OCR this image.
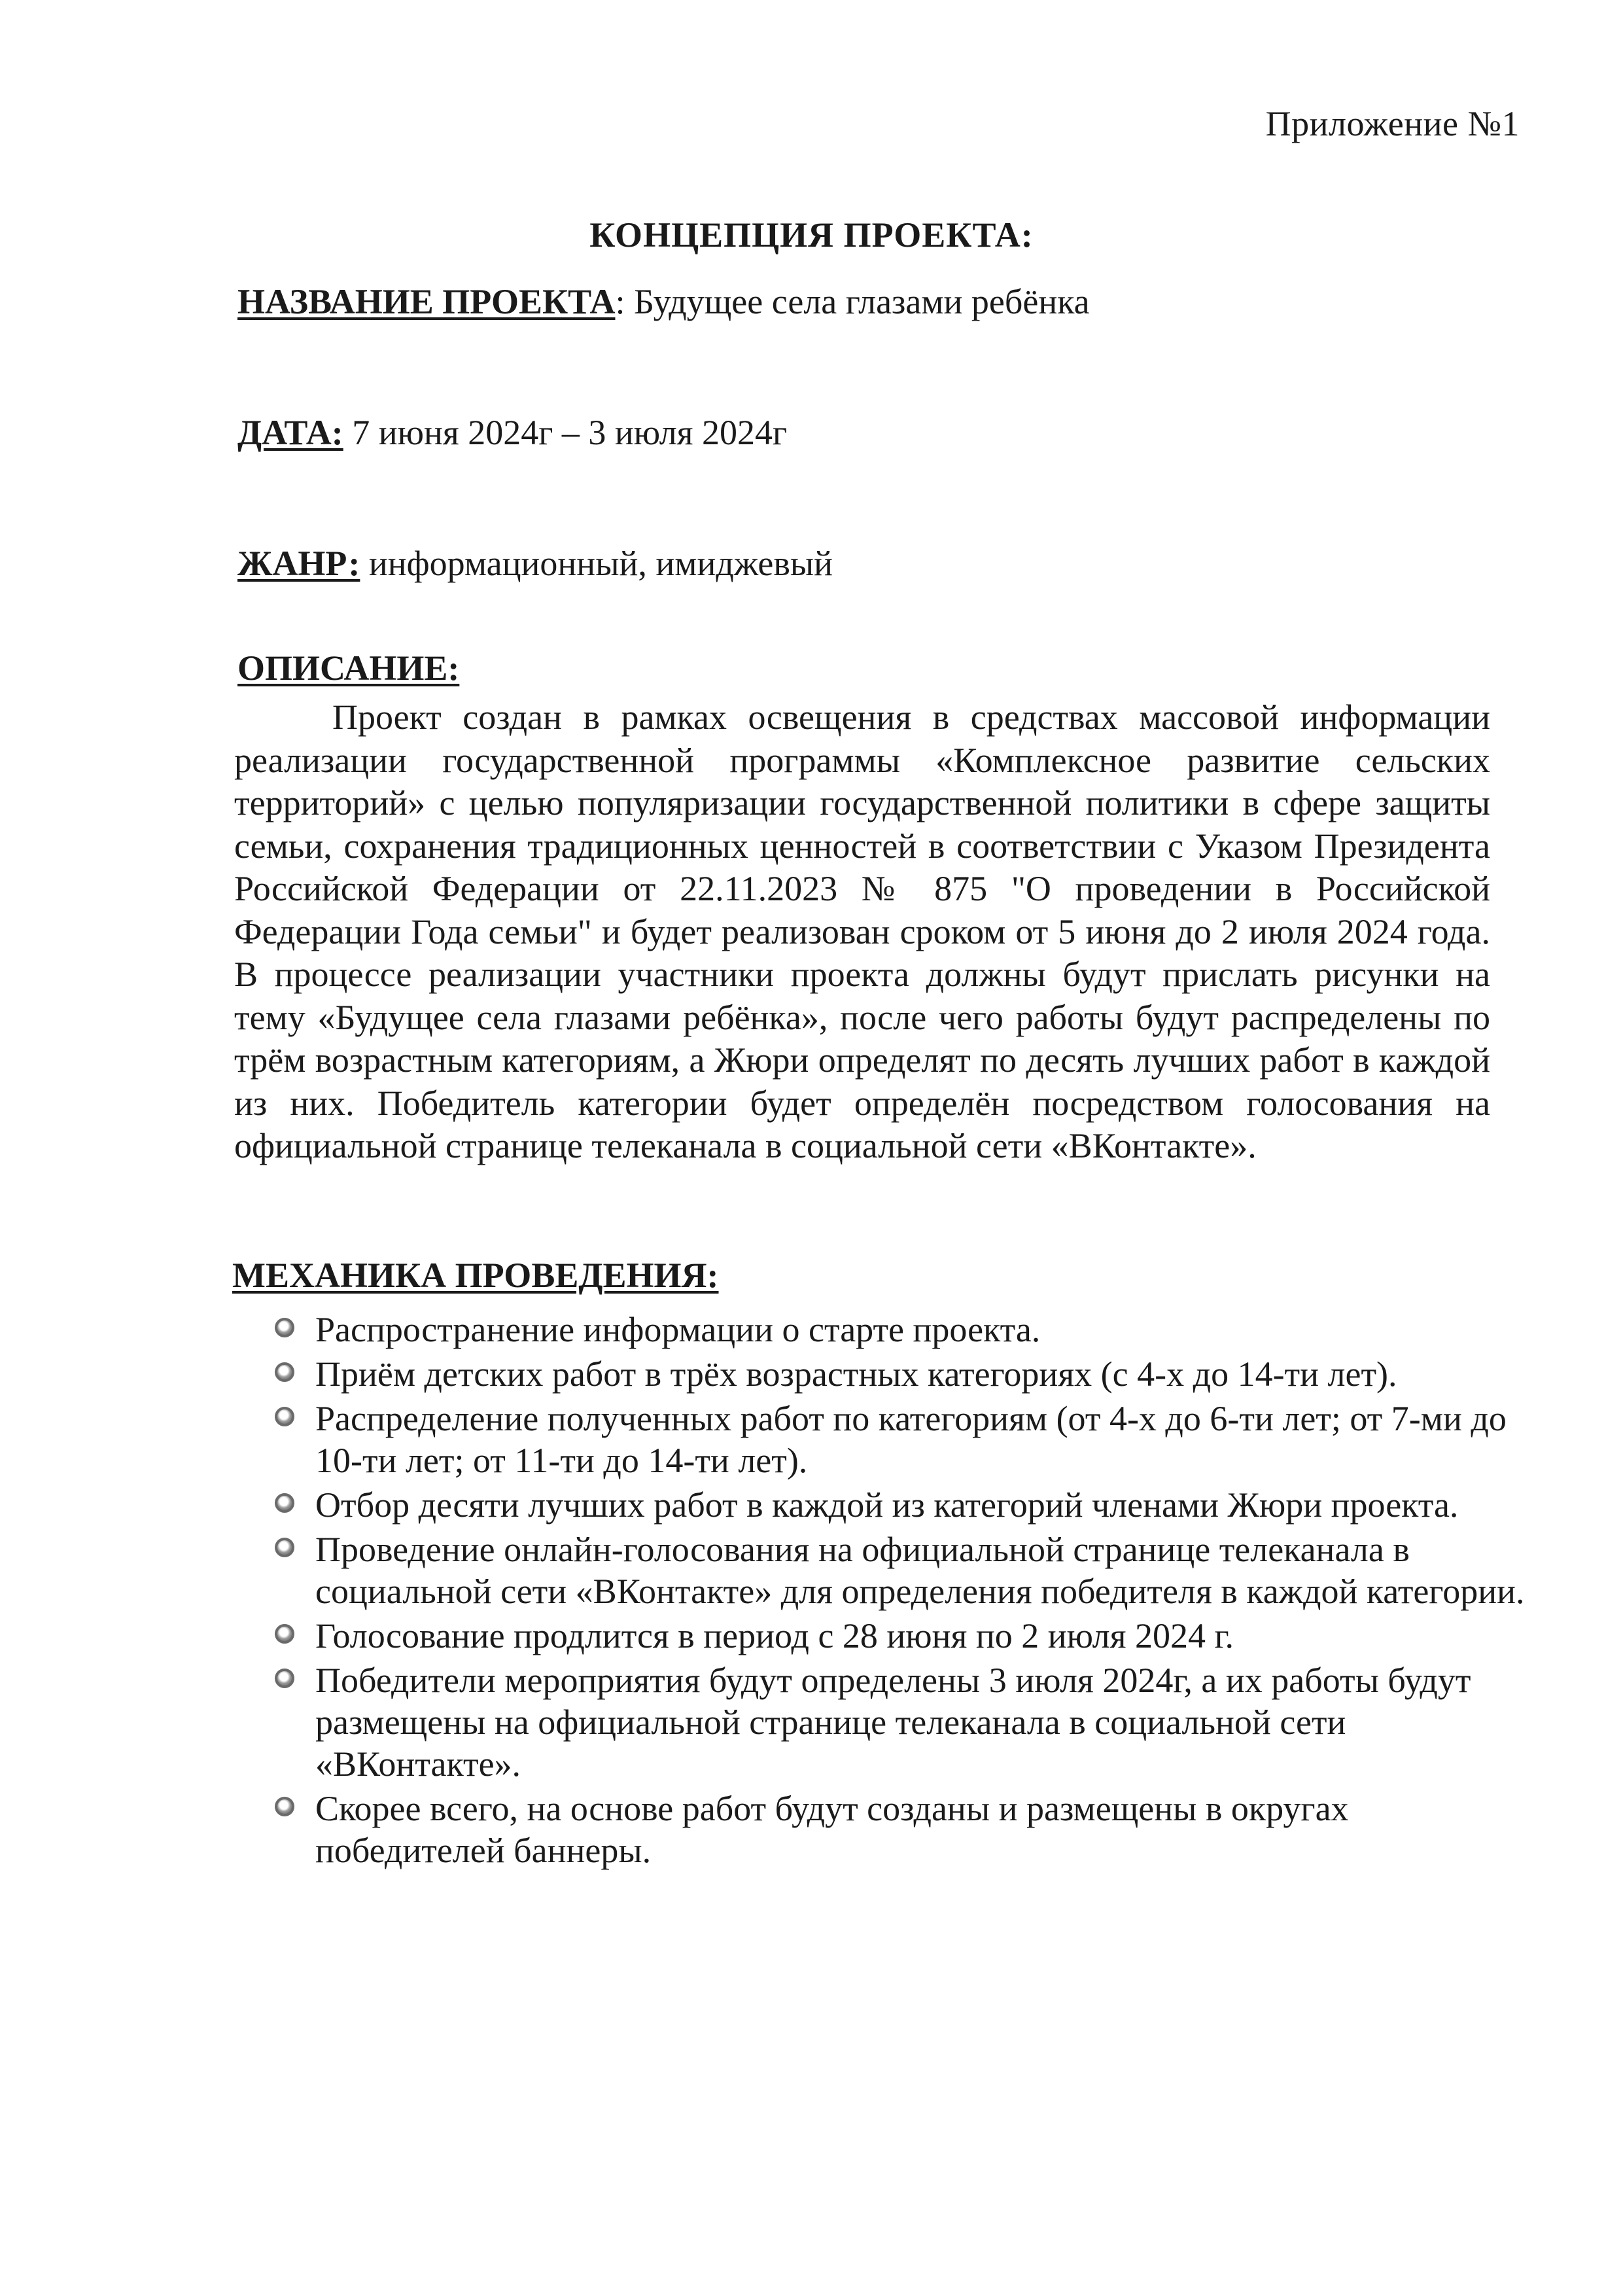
Приложение №1
КОНЦЕПЦИЯ ПРОЕКТА:
НАЗВАНИЕ ПРОЕКТА: Будущее села глазами ребёнка
ДАТА: 7 июня 2024г – 3 июля 2024г
ЖАНР: информационный, имиджевый
ОПИСАНИЕ:

Проект создан в рамках освещения в средствах массовой информации реализации государственной программы «Комплексное развитие сельских территорий» с целью популяризации государственной политики в сфере защиты семьи, сохранения традиционных ценностей в соответствии с Указом Президента Российской Федерации от 22.11.2023 № 875 "О проведении в Российской Федерации Года семьи" и будет реализован сроком от 5 июня до 2 июля 2024 года. В процессе реализации участники проекта должны будут прислать рисунки на тему «Будущее села глазами ребёнка», после чего работы будут распределены по трём возрастным категориям, а Жюри определят по десять лучших работ в каждой из них. Победитель категории будет определён посредством голосования на официальной странице телеканала в социальной сети «ВКонтакте».

МЕХАНИКА ПРОВЕДЕНИЯ:
Распространение информации о старте проекта.
Приём детских работ в трёх возрастных категориях (с 4-х до 14-ти лет).
Распределение полученных работ по категориям (от 4-х до 6-ти лет; от 7-ми до 10-ти лет; от 11-ти до 14-ти лет).
Отбор десяти лучших работ в каждой из категорий членами Жюри проекта.
Проведение онлайн-голосования на официальной странице телеканала в социальной сети «ВКонтакте» для определения победителя в каждой категории.
Голосование продлится в период с 28 июня по 2 июля 2024 г.
Победители мероприятия будут определены 3 июля 2024г, а их работы будут размещены на официальной странице телеканала в социальной сети «ВКонтакте».
Скорее всего, на основе работ будут созданы и размещены в округах победителей баннеры.
